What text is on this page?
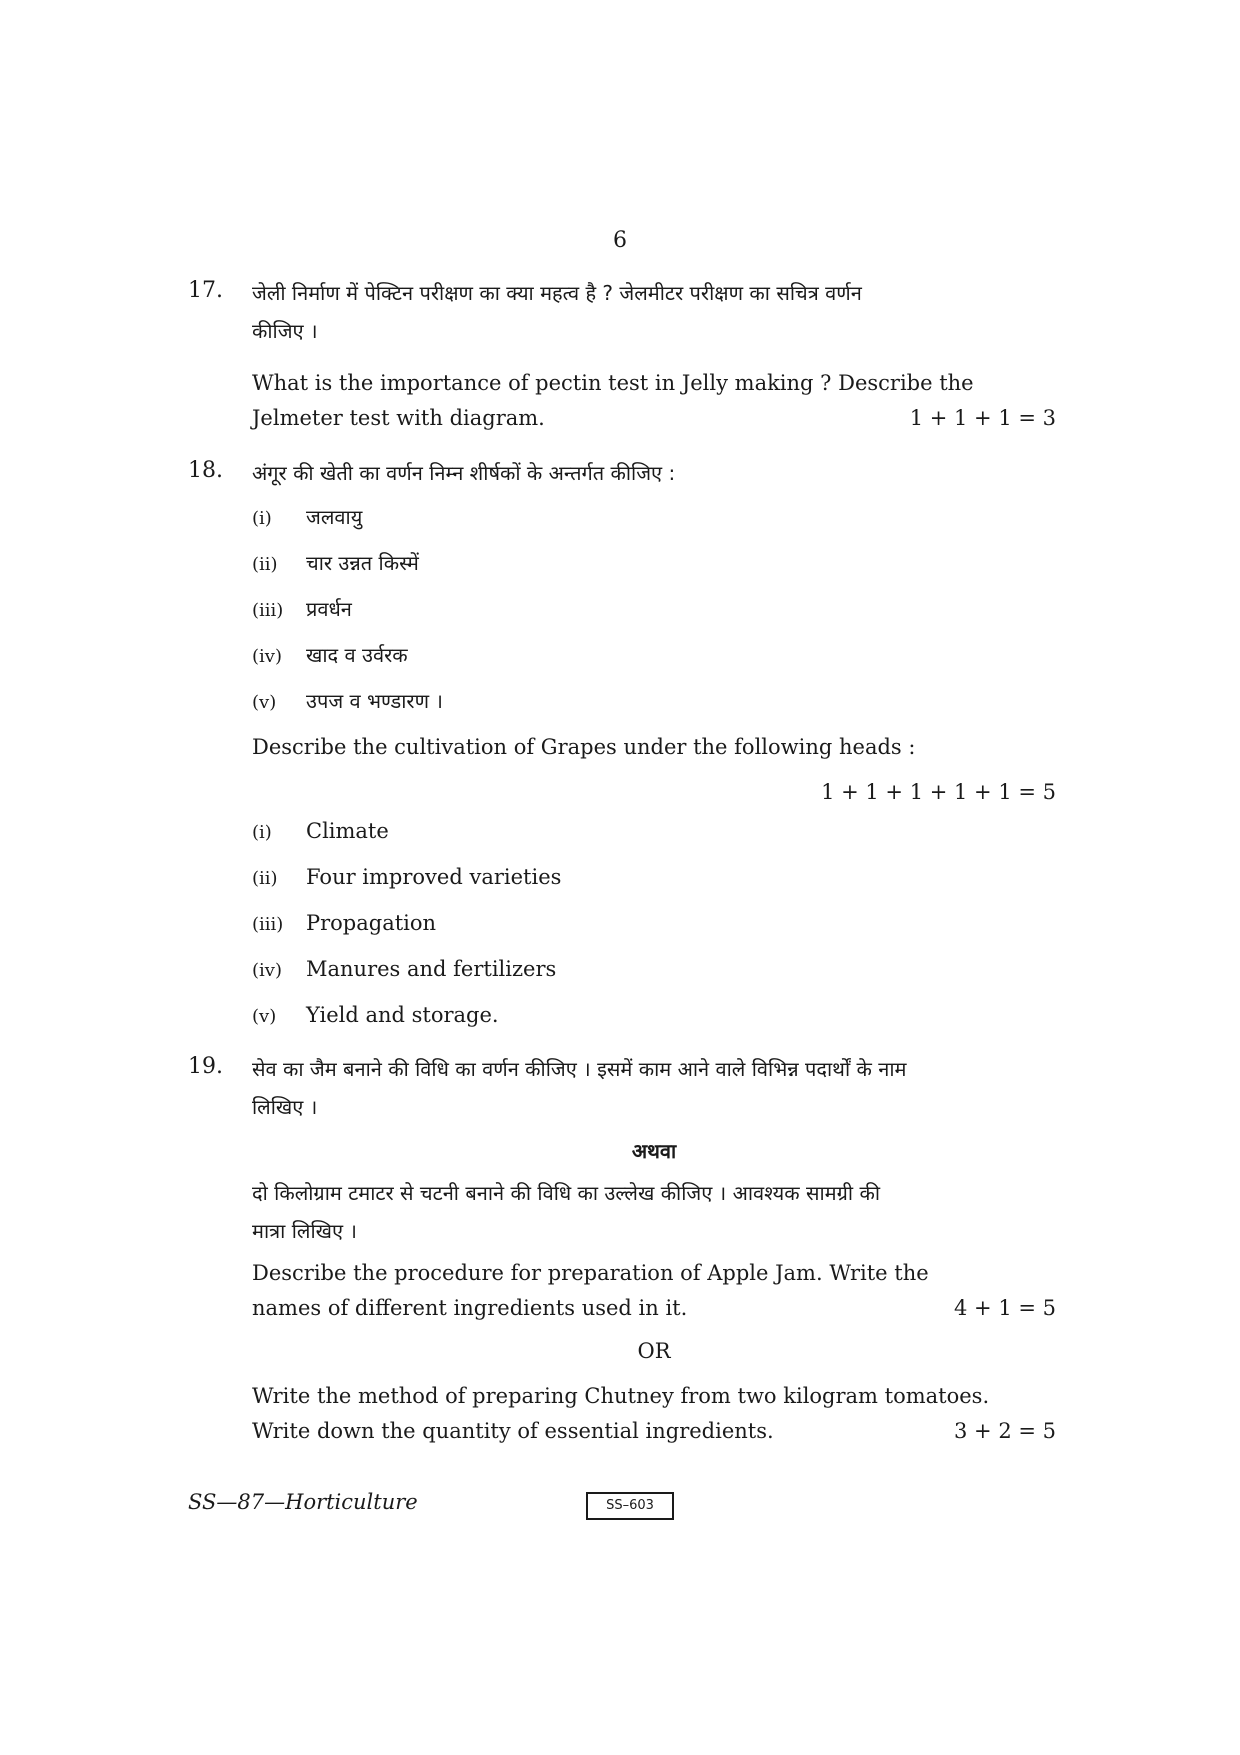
6
17.	जेली निर्माण में पेक्टिन परीक्षण का क्या महत्व है ? जेलमीटर परीक्षण का सचित्र वर्णन
कीजिए ।
What is the importance of pectin test in Jelly making ? Describe the
Jelmeter test with diagram.	1 + 1 + 1 = 3
18.	अंगूर की खेती का वर्णन निम्न शीर्षकों के अन्तर्गत कीजिए :
(i)	जलवायु
(ii)	चार उन्नत किस्में
(iii)	प्रवर्धन
(iv)	खाद व उर्वरक
(v)	उपज व भण्डारण ।
Describe the cultivation of Grapes under the following heads :
1 + 1 + 1 + 1 + 1 = 5
(i)	Climate
(ii)	Four improved varieties
(iii)	Propagation
(iv)	Manures and fertilizers
(v)	Yield and storage.
19.	सेव का जैम बनाने की विधि का वर्णन कीजिए । इसमें काम आने वाले विभिन्न पदार्थों के नाम
लिखिए ।
अथवा
दो किलोग्राम टमाटर से चटनी बनाने की विधि का उल्लेख कीजिए । आवश्यक सामग्री की
मात्रा लिखिए ।
Describe the procedure for preparation of Apple Jam. Write the
names of different ingredients used in it.	4 + 1 = 5
OR
Write the method of preparing Chutney from two kilogram tomatoes.
Write down the quantity of essential ingredients.	3 + 2 = 5
SS—87—Horticulture	SS–603
